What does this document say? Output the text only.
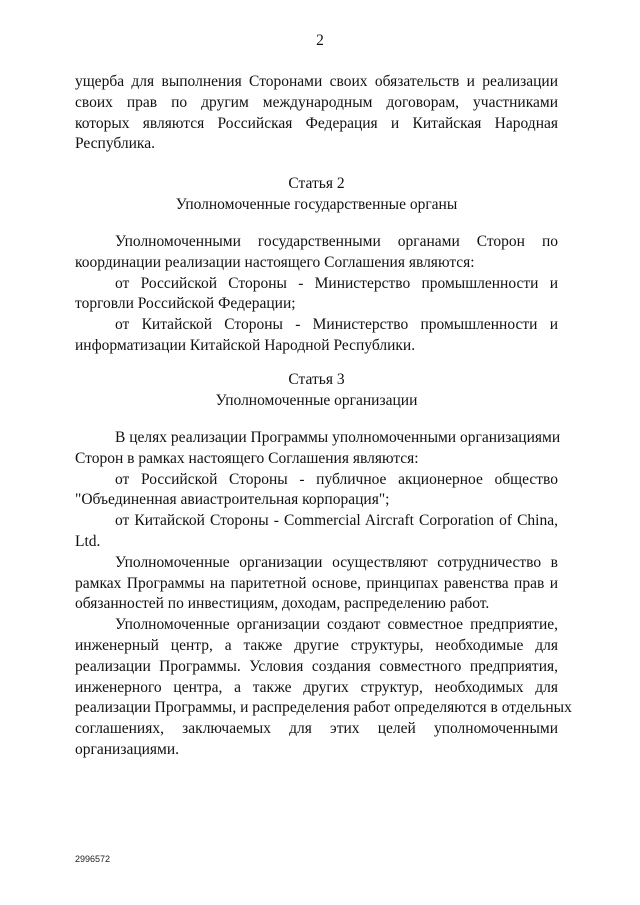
2
ущерба для выполнения Сторонами своих обязательств и реализации
своих прав по другим международным договорам, участниками
которых являются Российская Федерация и Китайская Народная
Республика.
Статья 2
Уполномоченные государственные органы
Уполномоченными государственными органами Сторон по
координации реализации настоящего Соглашения являются:
от Российской Стороны - Министерство промышленности и
торговли Российской Федерации;
от Китайской Стороны - Министерство промышленности и
информатизации Китайской Народной Республики.
Статья 3
Уполномоченные организации
В целях реализации Программы уполномоченными организациями
Сторон в рамках настоящего Соглашения являются:
от Российской Стороны - публичное акционерное общество
"Объединенная авиастроительная корпорация";
от Китайской Стороны - Commercial Aircraft Corporation of China,
Ltd.
Уполномоченные организации осуществляют сотрудничество в
рамках Программы на паритетной основе, принципах равенства прав и
обязанностей по инвестициям, доходам, распределению работ.
Уполномоченные организации создают совместное предприятие,
инженерный центр, а также другие структуры, необходимые для
реализации Программы. Условия создания совместного предприятия,
инженерного центра, а также других структур, необходимых для
реализации Программы, и распределения работ определяются в отдельных
соглашениях, заключаемых для этих целей уполномоченными
организациями.
2996572
